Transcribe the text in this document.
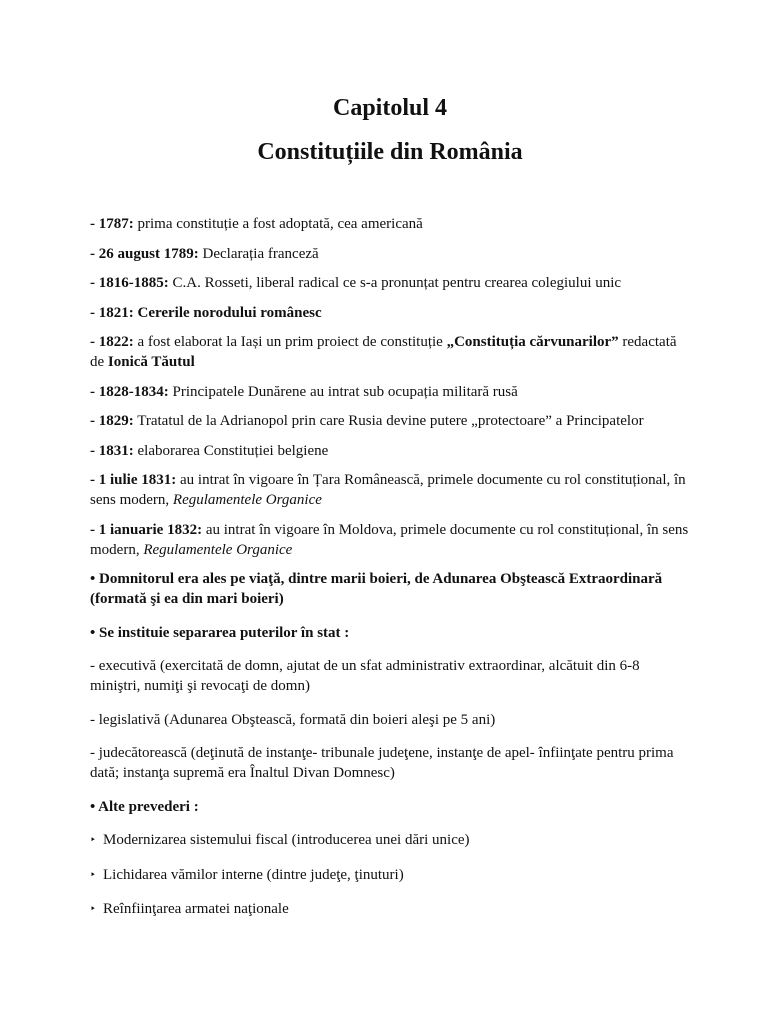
Capitolul 4
Constituțiile din România

- 1787: prima constituție a fost adoptată, cea americană

- 26 august 1789: Declarația franceză

- 1816-1885: C.A. Rosseti, liberal radical ce s-a pronunțat pentru crearea colegiului unic

- 1821: Cererile norodului românesc

- 1822: a fost elaborat la Iași un prim proiect de constituție „Constituția cărvunarilor” redactată de Ionică Tăutul

- 1828-1834: Principatele Dunărene au intrat sub ocupația militară rusă

- 1829: Tratatul de la Adrianopol prin care Rusia devine putere „protectoare” a Principatelor

- 1831: elaborarea Constituției belgiene

- 1 iulie 1831: au intrat în vigoare în Țara Românească, primele documente cu rol constituțional, în sens modern, Regulamentele Organice

- 1 ianuarie 1832: au intrat în vigoare în Moldova, primele documente cu rol constituțional, în sens modern, Regulamentele Organice

• Domnitorul era ales pe viaţă, dintre marii boieri, de Adunarea Obştească Extraordinară (formată şi ea din mari boieri)

• Se instituie separarea puterilor în stat :

- executivă (exercitată de domn, ajutat de un sfat administrativ extraordinar, alcătuit din 6-8 miniştri, numiţi şi revocaţi de domn)

- legislativă (Adunarea Obştească, formată din boieri aleşi pe 5 ani)

- judecătorească (deţinută de instanţe- tribunale judeţene, instanţe de apel- înfiinţate pentru prima dată; instanţa supremă era Înaltul Divan Domnesc)

• Alte prevederi :

‣ Modernizarea sistemului fiscal (introducerea unei dări unice)

‣ Lichidarea vămilor interne (dintre judeţe, ţinuturi)

‣ Reînfiinţarea armatei naţionale
